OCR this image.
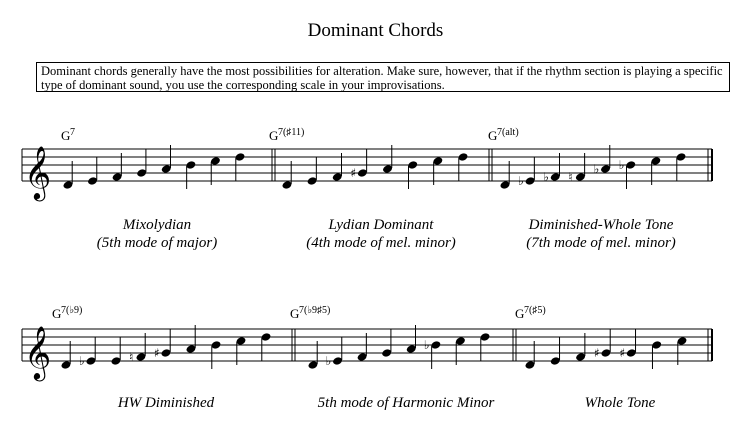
Dominant Chords
Dominant chords generally have the most possibilities for alteration. Make sure, however, that if the rhythm section is playing a specific type of dominant sound, you use the corresponding scale in your improvisations.
𝄞
G 7	G 7(♯11)
♯
G 7(alt)
♭ ♭ ♮
♭ ♭
𝄞
G 7(♭9)
♭	♮ ♯
G 7(♭9♯5)
♭
♭
G 7(♯5)
♯ ♯
Mixolydian
(5th mode of major)
Lydian Dominant
(4th mode of mel. minor)
Diminished-Whole Tone
(7th mode of mel. minor)
HW Diminished	5th mode of Harmonic Minor	Whole Tone
